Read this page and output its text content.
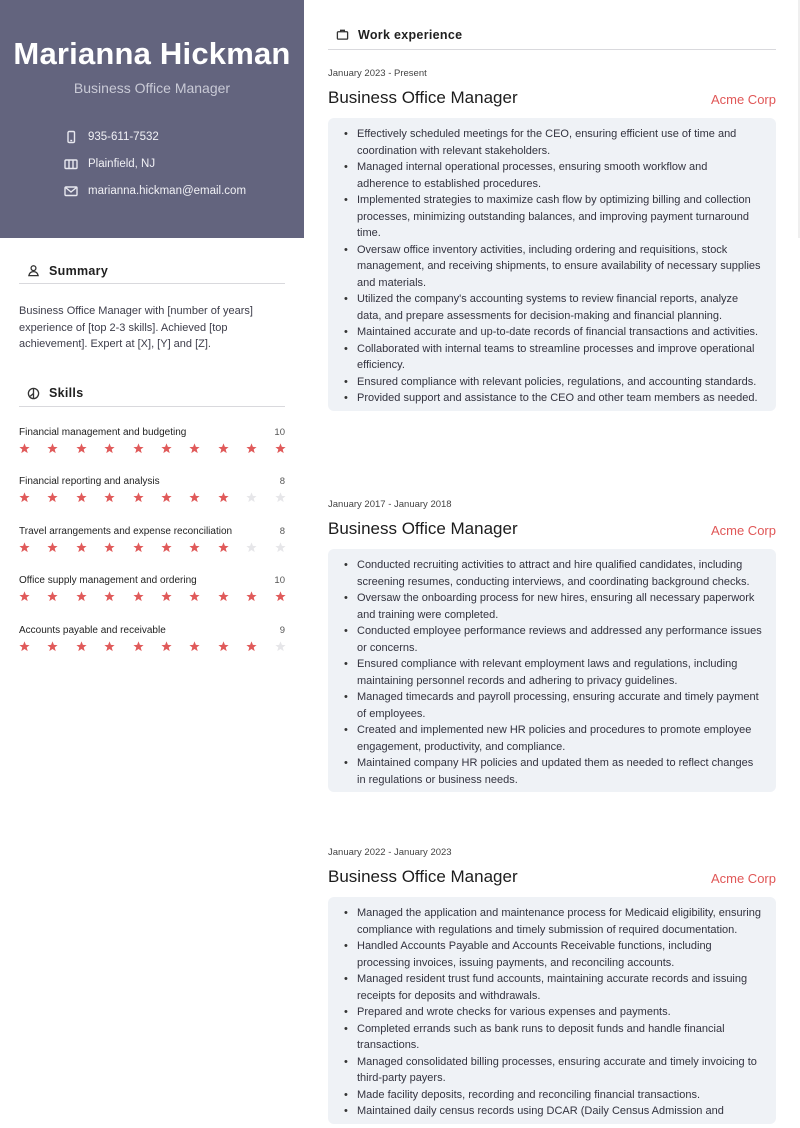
Marianna Hickman
Business Office Manager
935-611-7532
Plainfield, NJ
marianna.hickman@email.com
Summary
Business Office Manager with [number of years] experience of [top 2-3 skills]. Achieved [top achievement]. Expert at [X], [Y] and [Z].
Skills
Financial management and budgeting	10
Financial reporting and analysis	8
Travel arrangements and expense reconciliation	8
Office supply management and ordering	10
Accounts payable and receivable	9
Work experience
January 2023 - Present
Business Office Manager	Acme Corp
• Effectively scheduled meetings for the CEO, ensuring efficient use of time and coordination with relevant stakeholders.
• Managed internal operational processes, ensuring smooth workflow and adherence to established procedures.
• Implemented strategies to maximize cash flow by optimizing billing and collection processes, minimizing outstanding balances, and improving payment turnaround time.
• Oversaw office inventory activities, including ordering and requisitions, stock management, and receiving shipments, to ensure availability of necessary supplies and materials.
• Utilized the company's accounting systems to review financial reports, analyze data, and prepare assessments for decision-making and financial planning.
• Maintained accurate and up-to-date records of financial transactions and activities.
• Collaborated with internal teams to streamline processes and improve operational efficiency.
• Ensured compliance with relevant policies, regulations, and accounting standards.
• Provided support and assistance to the CEO and other team members as needed.
January 2017 - January 2018
Business Office Manager	Acme Corp
• Conducted recruiting activities to attract and hire qualified candidates, including screening resumes, conducting interviews, and coordinating background checks.
• Oversaw the onboarding process for new hires, ensuring all necessary paperwork and training were completed.
• Conducted employee performance reviews and addressed any performance issues or concerns.
• Ensured compliance with relevant employment laws and regulations, including maintaining personnel records and adhering to privacy guidelines.
• Managed timecards and payroll processing, ensuring accurate and timely payment of employees.
• Created and implemented new HR policies and procedures to promote employee engagement, productivity, and compliance.
• Maintained company HR policies and updated them as needed to reflect changes in regulations or business needs.
January 2022 - January 2023
Business Office Manager	Acme Corp
• Managed the application and maintenance process for Medicaid eligibility, ensuring compliance with regulations and timely submission of required documentation.
• Handled Accounts Payable and Accounts Receivable functions, including processing invoices, issuing payments, and reconciling accounts.
• Managed resident trust fund accounts, maintaining accurate records and issuing receipts for deposits and withdrawals.
• Prepared and wrote checks for various expenses and payments.
• Completed errands such as bank runs to deposit funds and handle financial transactions.
• Managed consolidated billing processes, ensuring accurate and timely invoicing to third-party payers.
• Made facility deposits, recording and reconciling financial transactions.
• Maintained daily census records using DCAR (Daily Census Admission and
